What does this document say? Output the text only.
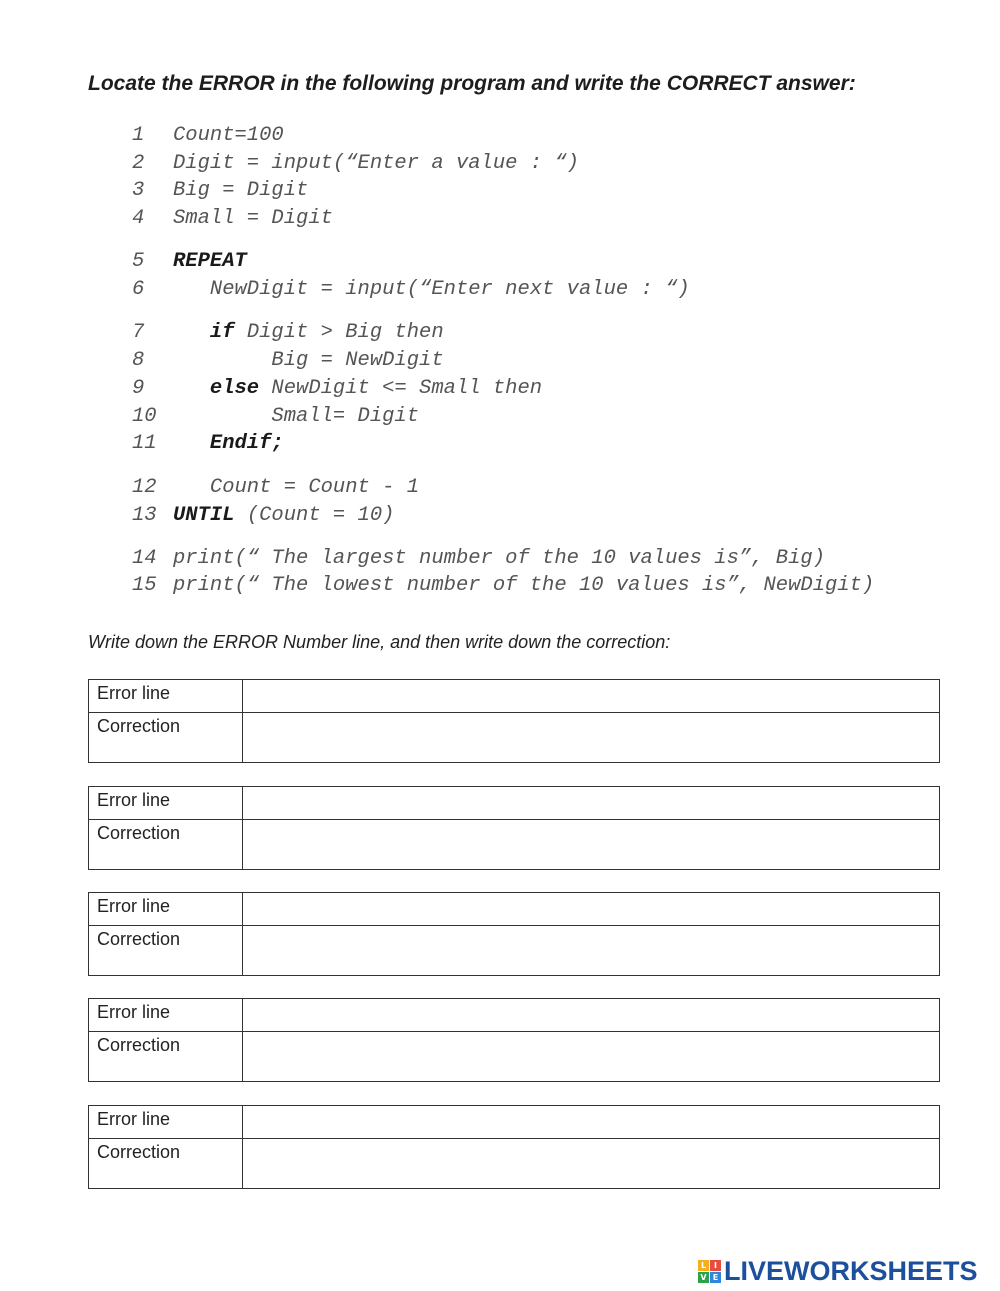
Locate the ERROR in the following program and write the CORRECT answer:
1 Count=100
2 Digit = input(“Enter a value : “)
3 Big = Digit
4 Small = Digit
5 REPEAT
6   NewDigit = input(“Enter next value : “)
7	if Digit > Big then
8        Big = NewDigit
9	else NewDigit <= Small then
10        Small= Digit
11	Endif;
12   Count = Count - 1
13 UNTIL (Count = 10)
14 print(“ The largest number of the 10 values is”, Big)
15 print(“ The lowest number of the 10 values is”, NewDigit)
Write down the ERROR Number line, and then write down the correction:
Error line	
Correction	
Error line	
Correction	
Error line	
Correction	
Error line	
Correction	
Error line	
Correction	
L I
V E LIVEWORKSHEETS
